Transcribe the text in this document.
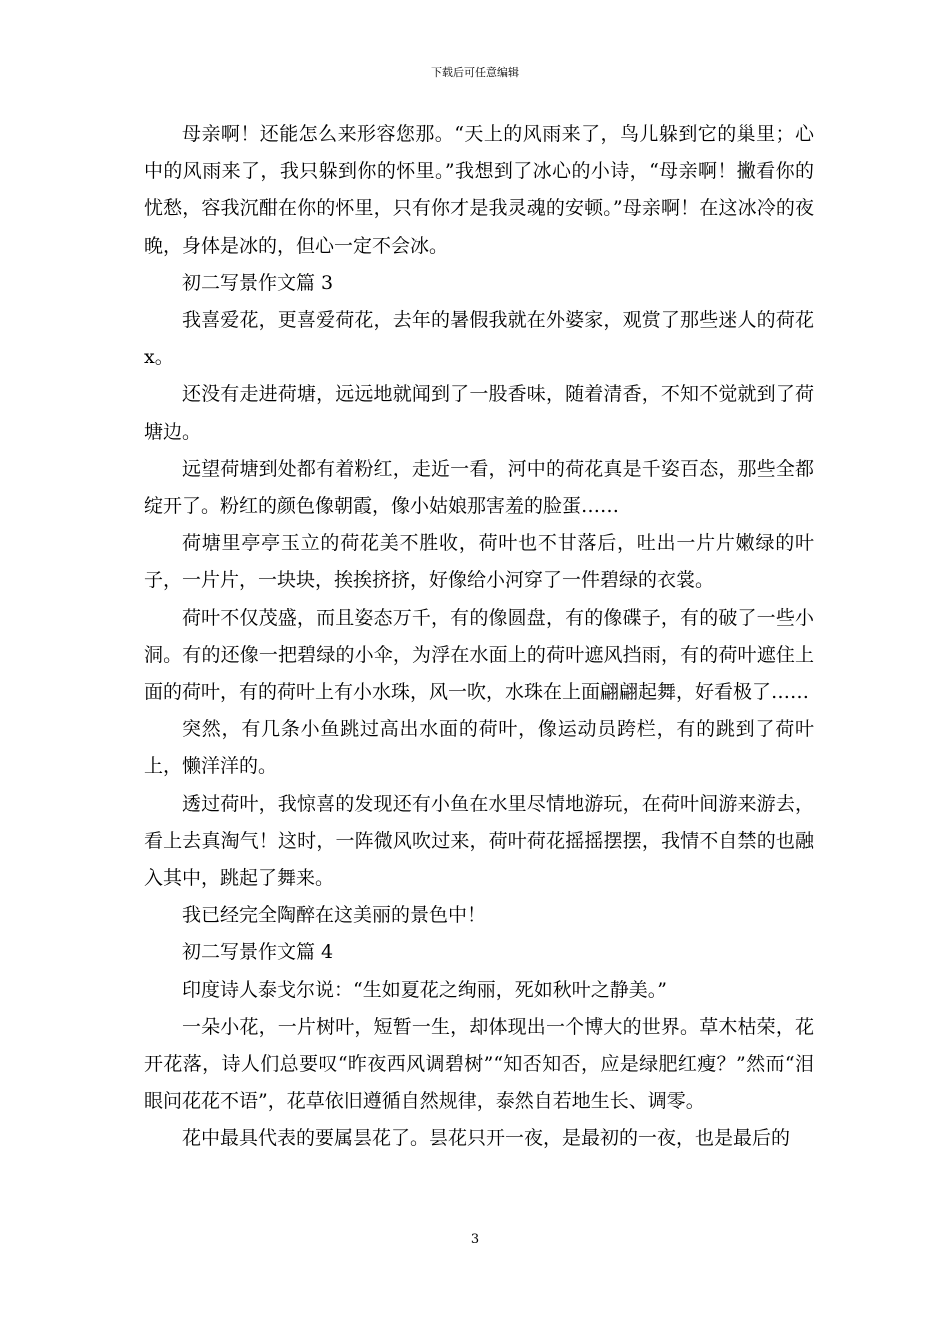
下载后可任意编辑

母亲啊！还能怎么来形容您那。“天上的风雨来了，鸟儿躲到它的巢里；心中的风雨来了，我只躲到你的怀里。”我想到了冰心的小诗，“母亲啊！撇看你的忧愁，容我沉酣在你的怀里，只有你才是我灵魂的安顿。”母亲啊！在这冰冷的夜晚，身体是冰的，但心一定不会冰。

初二写景作文篇 3

我喜爱花，更喜爱荷花，去年的暑假我就在外婆家，观赏了那些迷人的荷花 x。

还没有走进荷塘，远远地就闻到了一股香味，随着清香，不知不觉就到了荷塘边。

远望荷塘到处都有着粉红，走近一看，河中的荷花真是千姿百态，那些全都绽开了。粉红的颜色像朝霞，像小姑娘那害羞的脸蛋……

荷塘里亭亭玉立的荷花美不胜收，荷叶也不甘落后，吐出一片片嫩绿的叶子，一片片，一块块，挨挨挤挤，好像给小河穿了一件碧绿的衣裳。

荷叶不仅茂盛，而且姿态万千，有的像圆盘，有的像碟子，有的破了一些小洞。有的还像一把碧绿的小伞，为浮在水面上的荷叶遮风挡雨，有的荷叶遮住上面的荷叶，有的荷叶上有小水珠，风一吹，水珠在上面翩翩起舞，好看极了……

突然，有几条小鱼跳过高出水面的荷叶，像运动员跨栏，有的跳到了荷叶上，懒洋洋的。

透过荷叶，我惊喜的发现还有小鱼在水里尽情地游玩，在荷叶间游来游去，看上去真淘气！这时，一阵微风吹过来，荷叶荷花摇摇摆摆，我情不自禁的也融入其中，跳起了舞来。

我已经完全陶醉在这美丽的景色中！

初二写景作文篇 4

印度诗人泰戈尔说：“生如夏花之绚丽，死如秋叶之静美。”

一朵小花，一片树叶，短暂一生，却体现出一个博大的世界。草木枯荣，花开花落，诗人们总要叹“昨夜西风调碧树”“知否知否，应是绿肥红瘦？”然而“泪眼问花花不语”，花草依旧遵循自然规律，泰然自若地生长、调零。

花中最具代表的要属昙花了。昙花只开一夜，是最初的一夜，也是最后的

3
